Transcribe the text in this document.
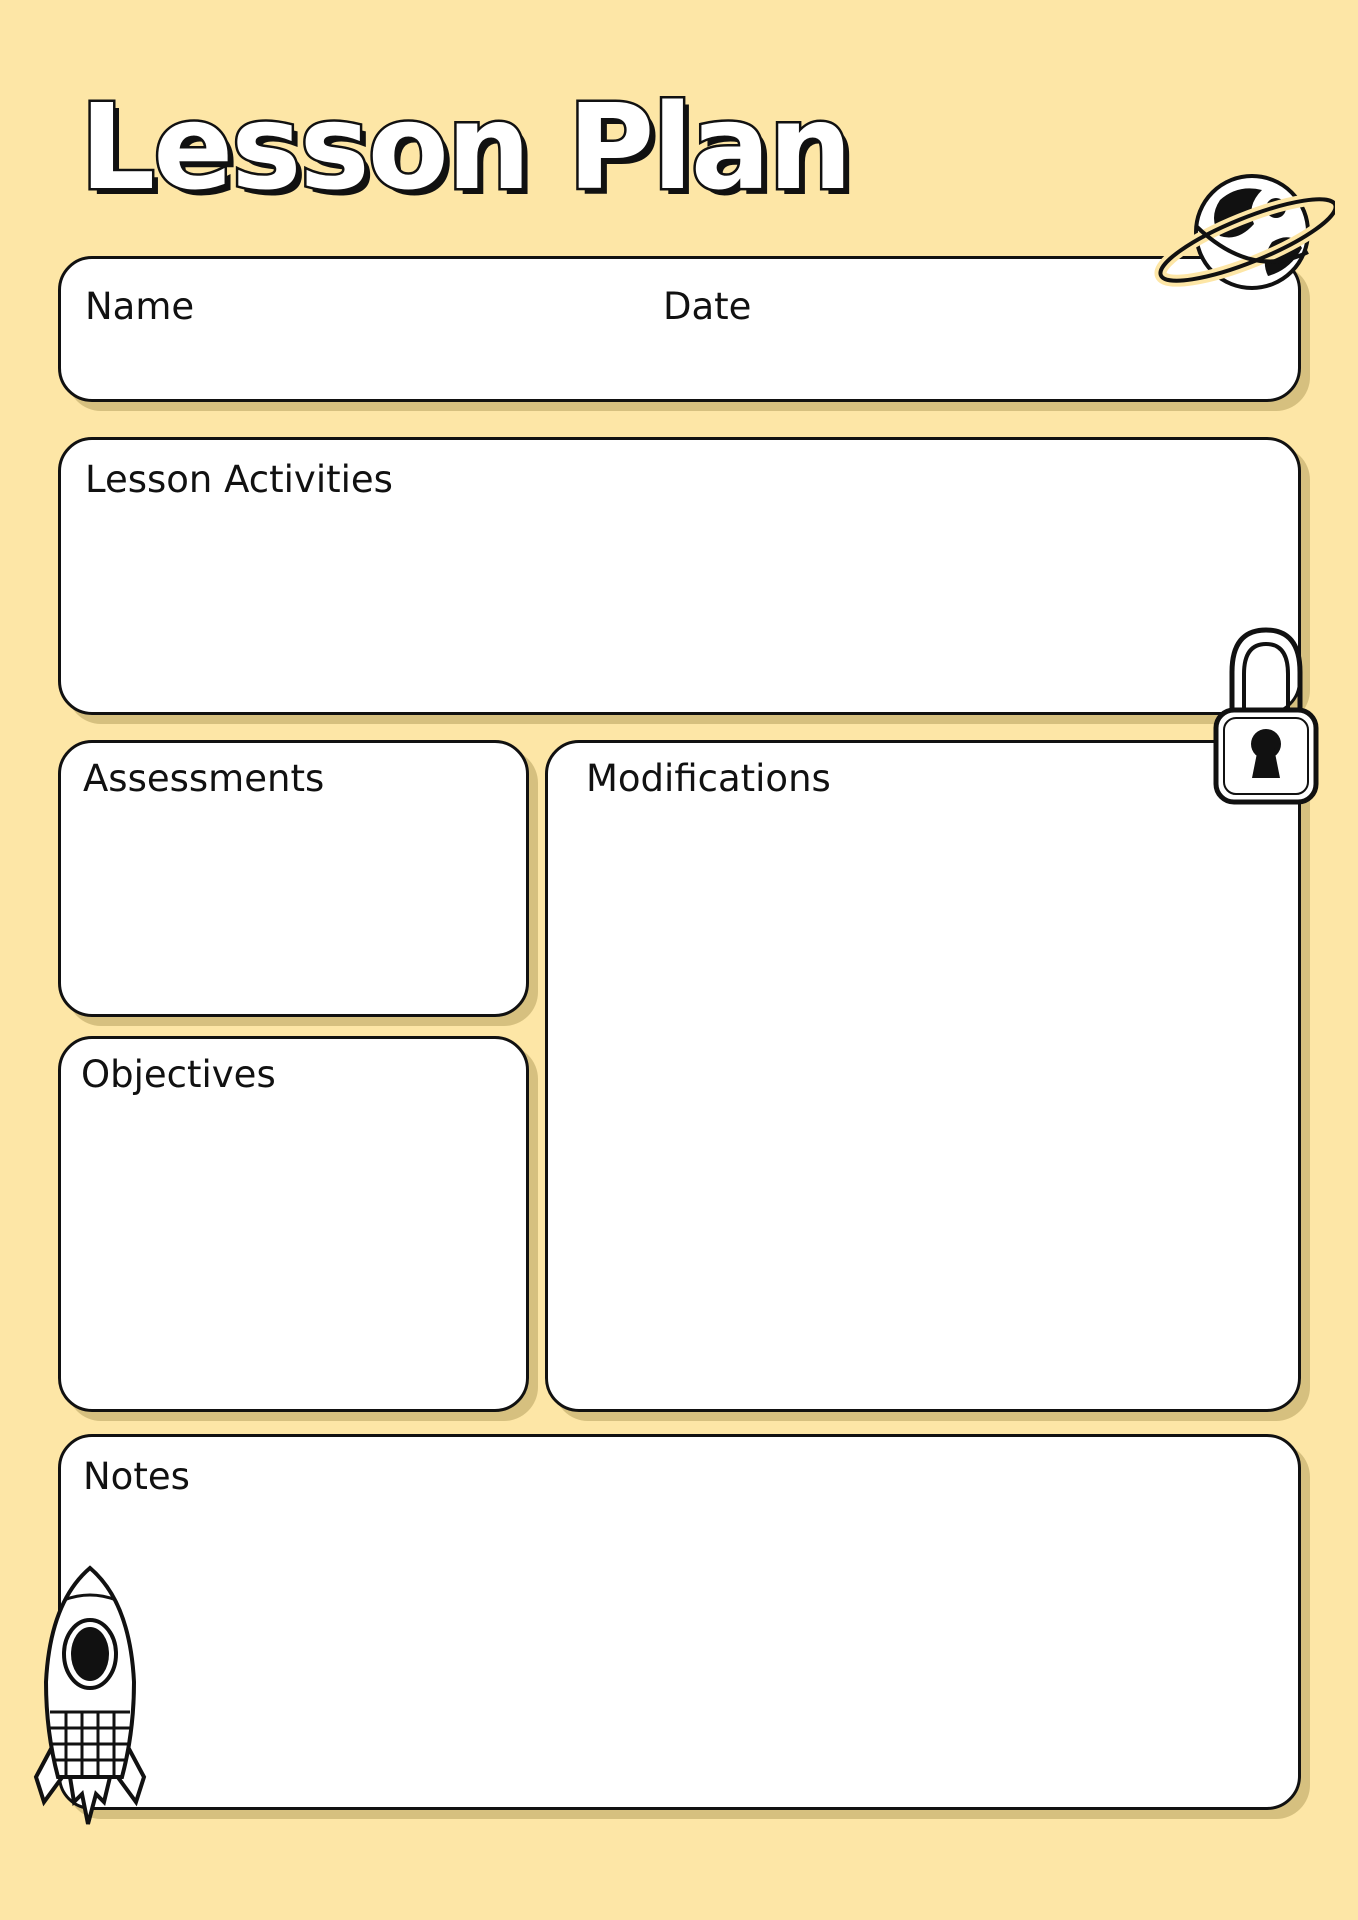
Lesson Plan
Name	Date
Lesson Activities
Assessments	Modifications
Objectives
Notes
